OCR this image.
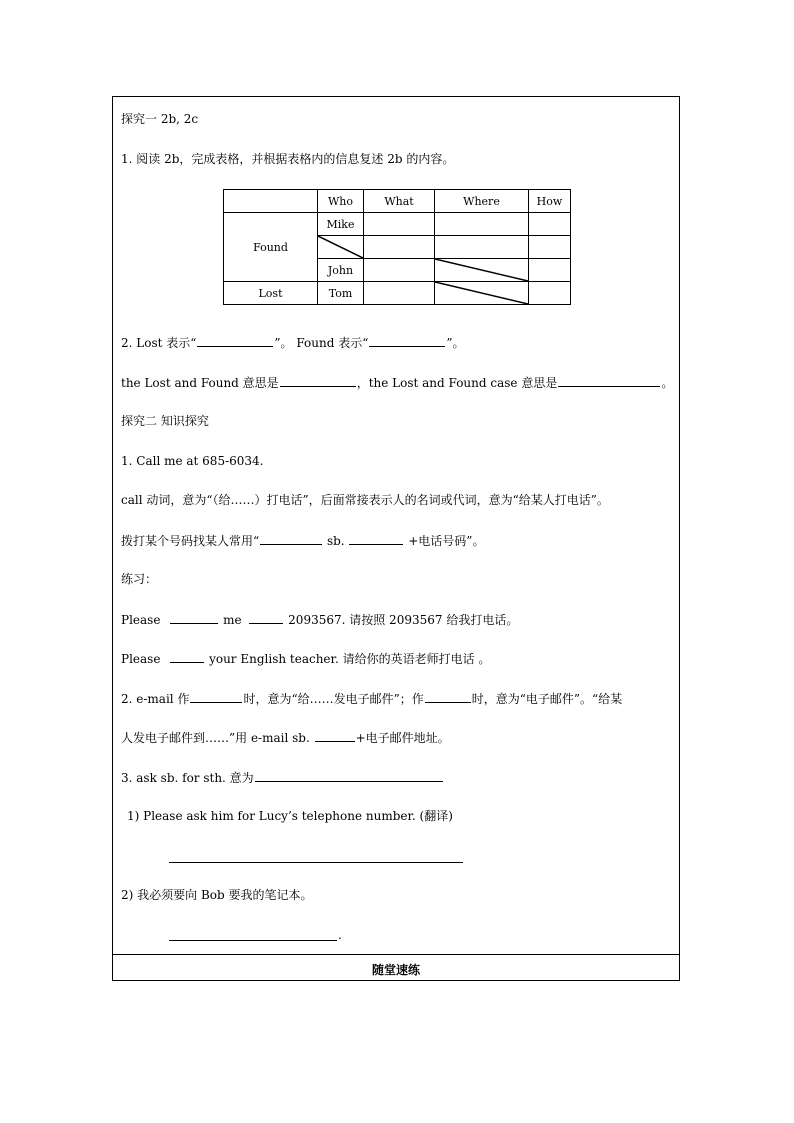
探究一 2b, 2c
1. 阅读 2b，完成表格，并根据表格内的信息复述 2b 的内容。
	Who	What	Where	How
Found	Mike			

	John		

Lost	Tom		

2. Lost 表示“	”。 Found 表示“	”。
the Lost and Found 意思是	，the Lost and Found case 意思是	。
探究二 知识探究
1. Call me at 685-6034.
call 动词，意为“（给……）打电话”，后面常接表示人的名词或代词，意为“给某人打电话”。
拨打某个号码找某人常用“	sb.	+电话号码”。
练习：
Please	me	2093567. 请按照 2093567 给我打电话。
Please	your English teacher. 请给你的英语老师打电话 。
2. e-mail 作	时，意为“给……发电子邮件”；作	时，意为“电子邮件”。“给某
人发电子邮件到……”用 e-mail sb.	+电子邮件地址。
3. ask sb. for sth. 意为
1) Please ask him for Lucy’s telephone number. (翻译)
2) 我必须要向 Bob 要我的笔记本。
.
随堂速练
